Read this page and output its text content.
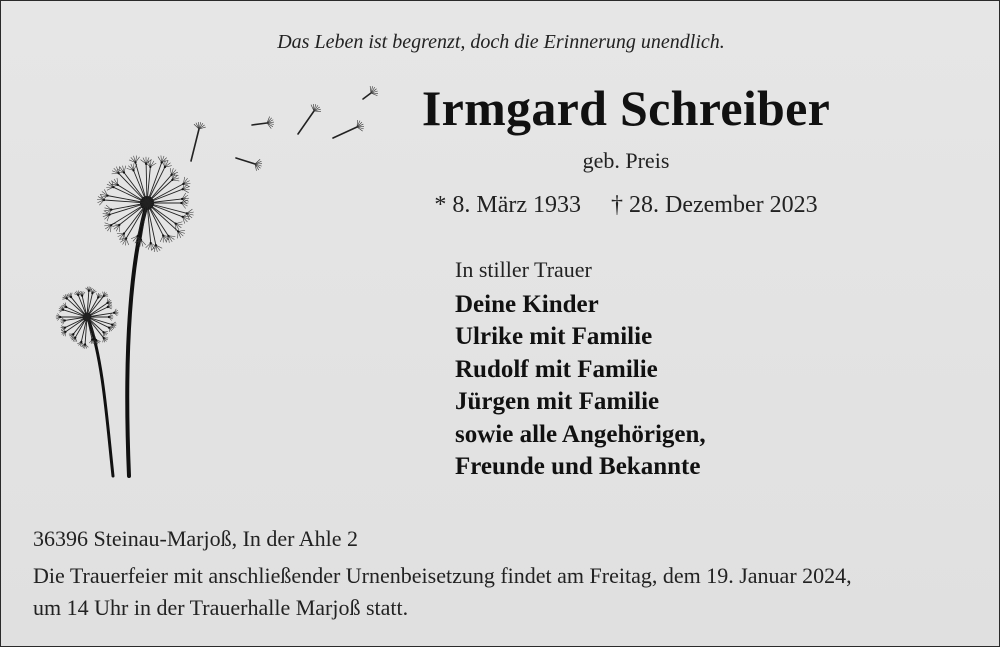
Das Leben ist begrenzt, doch die Erinnerung unendlich.
Irmgard Schreiber
geb. Preis
* 8. März 1933 † 28. Dezember 2023
In stiller Trauer
Deine Kinder
Ulrike mit Familie
Rudolf mit Familie
Jürgen mit Familie
sowie alle Angehörigen,
Freunde und Bekannte
36396 Steinau-Marjoß, In der Ahle 2
Die Trauerfeier mit anschließender Urnenbeisetzung findet am Freitag, dem 19. Januar 2024,
um 14 Uhr in der Trauerhalle Marjoß statt.
